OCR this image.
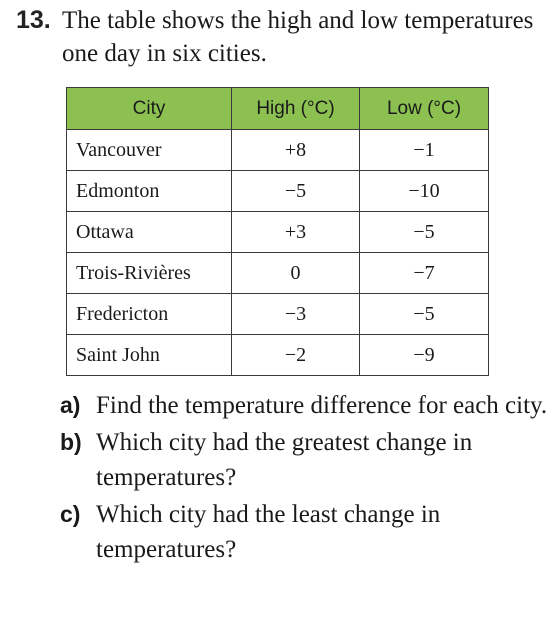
13. The table shows the high and low temperatures one day in six cities.
City	High (°C)	Low (°C)
Vancouver	+8	−1
Edmonton	−5	−10
Ottawa	+3	−5
Trois-Rivières	0	−7
Fredericton	−3	−5
Saint John	−2	−9
a) Find the temperature difference for each city.
b) Which city had the greatest change in temperatures?
c) Which city had the least change in temperatures?
